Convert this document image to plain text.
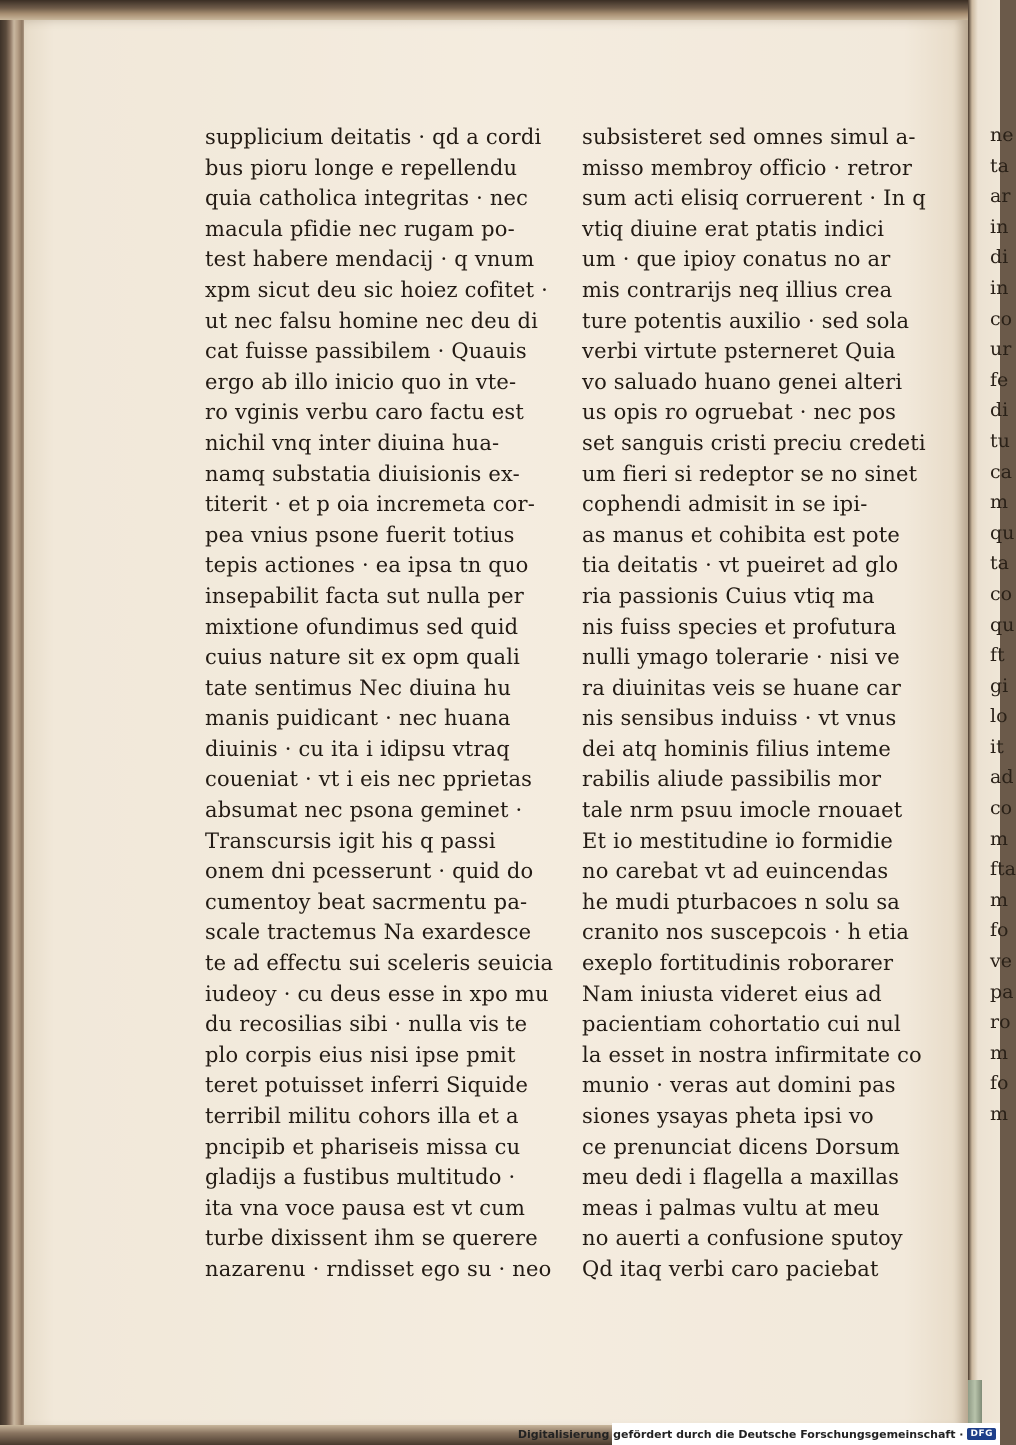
ne
ta
ar
in
di
in
co
ur
fe
di
tu
ca
m
qu
ta
co
qu
ft
gi
lo
it
ad
co
m
fta
m
fo
ve
pa
ro
m
fo
m
supplicium deitatis · qd a cordi
bus pioru longe e repellendu
quia catholica integritas · nec
macula pfidie nec rugam po-
test habere mendacij · q vnum
xpm sicut deu sic hoiez cofitet ·
ut nec falsu homine nec deu di
cat fuisse passibilem · Quauis
ergo ab illo inicio quo in vte-
ro vginis verbu caro factu est
nichil vnq inter diuina hua-
namq substatia diuisionis ex-
titerit · et p oia incremeta cor-
pea vnius psone fuerit totius
tepis actiones · ea ipsa tn quo
insepabilit facta sut nulla per
mixtione ofundimus sed quid
cuius nature sit ex opm quali
tate sentimus Nec diuina hu
manis puidicant · nec huana
diuinis · cu ita i idipsu vtraq
coueniat · vt i eis nec pprietas
absumat nec psona geminet ·
Transcursis igit his q passi
onem dni pcesserunt · quid do
cumentoy beat sacrmentu pa-
scale tractemus Na exardesce
te ad effectu sui sceleris seuicia
iudeoy · cu deus esse in xpo mu
du recosilias sibi · nulla vis te
plo corpis eius nisi ipse pmit
teret potuisset inferri Siquide
terribil militu cohors illa et a
pncipib et phariseis missa cu
gladijs a fustibus multitudo ·
ita vna voce pausa est vt cum
turbe dixissent ihm se querere
nazarenu · rndisset ego su · neo
subsisteret sed omnes simul a-
misso membroy officio · retror
sum acti elisiq corruerent · In q
vtiq diuine erat ptatis indici
um · que ipioy conatus no ar
mis contrarijs neq illius crea
ture potentis auxilio · sed sola
verbi virtute psterneret Quia
vo saluado huano genei alteri
us opis ro ogruebat · nec pos
set sanguis cristi preciu credeti
um fieri si redeptor se no sinet
cophendi admisit in se ipi-
as manus et cohibita est pote
tia deitatis · vt pueiret ad glo
ria passionis Cuius vtiq ma
nis fuiss species et profutura
nulli ymago tolerarie · nisi ve
ra diuinitas veis se huane car
nis sensibus induiss · vt vnus
dei atq hominis filius inteme
rabilis aliude passibilis mor
tale nrm psuu imocle rnouaet
Et io mestitudine io formidie
no carebat vt ad euincendas
he mudi pturbacoes n solu sa
cranito nos suscepcois · h etia
exeplo fortitudinis roborarer
Nam iniusta videret eius ad
pacientiam cohortatio cui nul
la esset in nostra infirmitate co
munio · veras aut domini pas
siones ysayas pheta ipsi vo
ce prenunciat dicens Dorsum
meu dedi i flagella a maxillas
meas i palmas vultu at meu
no auerti a confusione sputoy
Qd itaq verbi caro paciebat
Digitalisierung gefördert durch die Deutsche Forschungsgemeinschaft · DFG
